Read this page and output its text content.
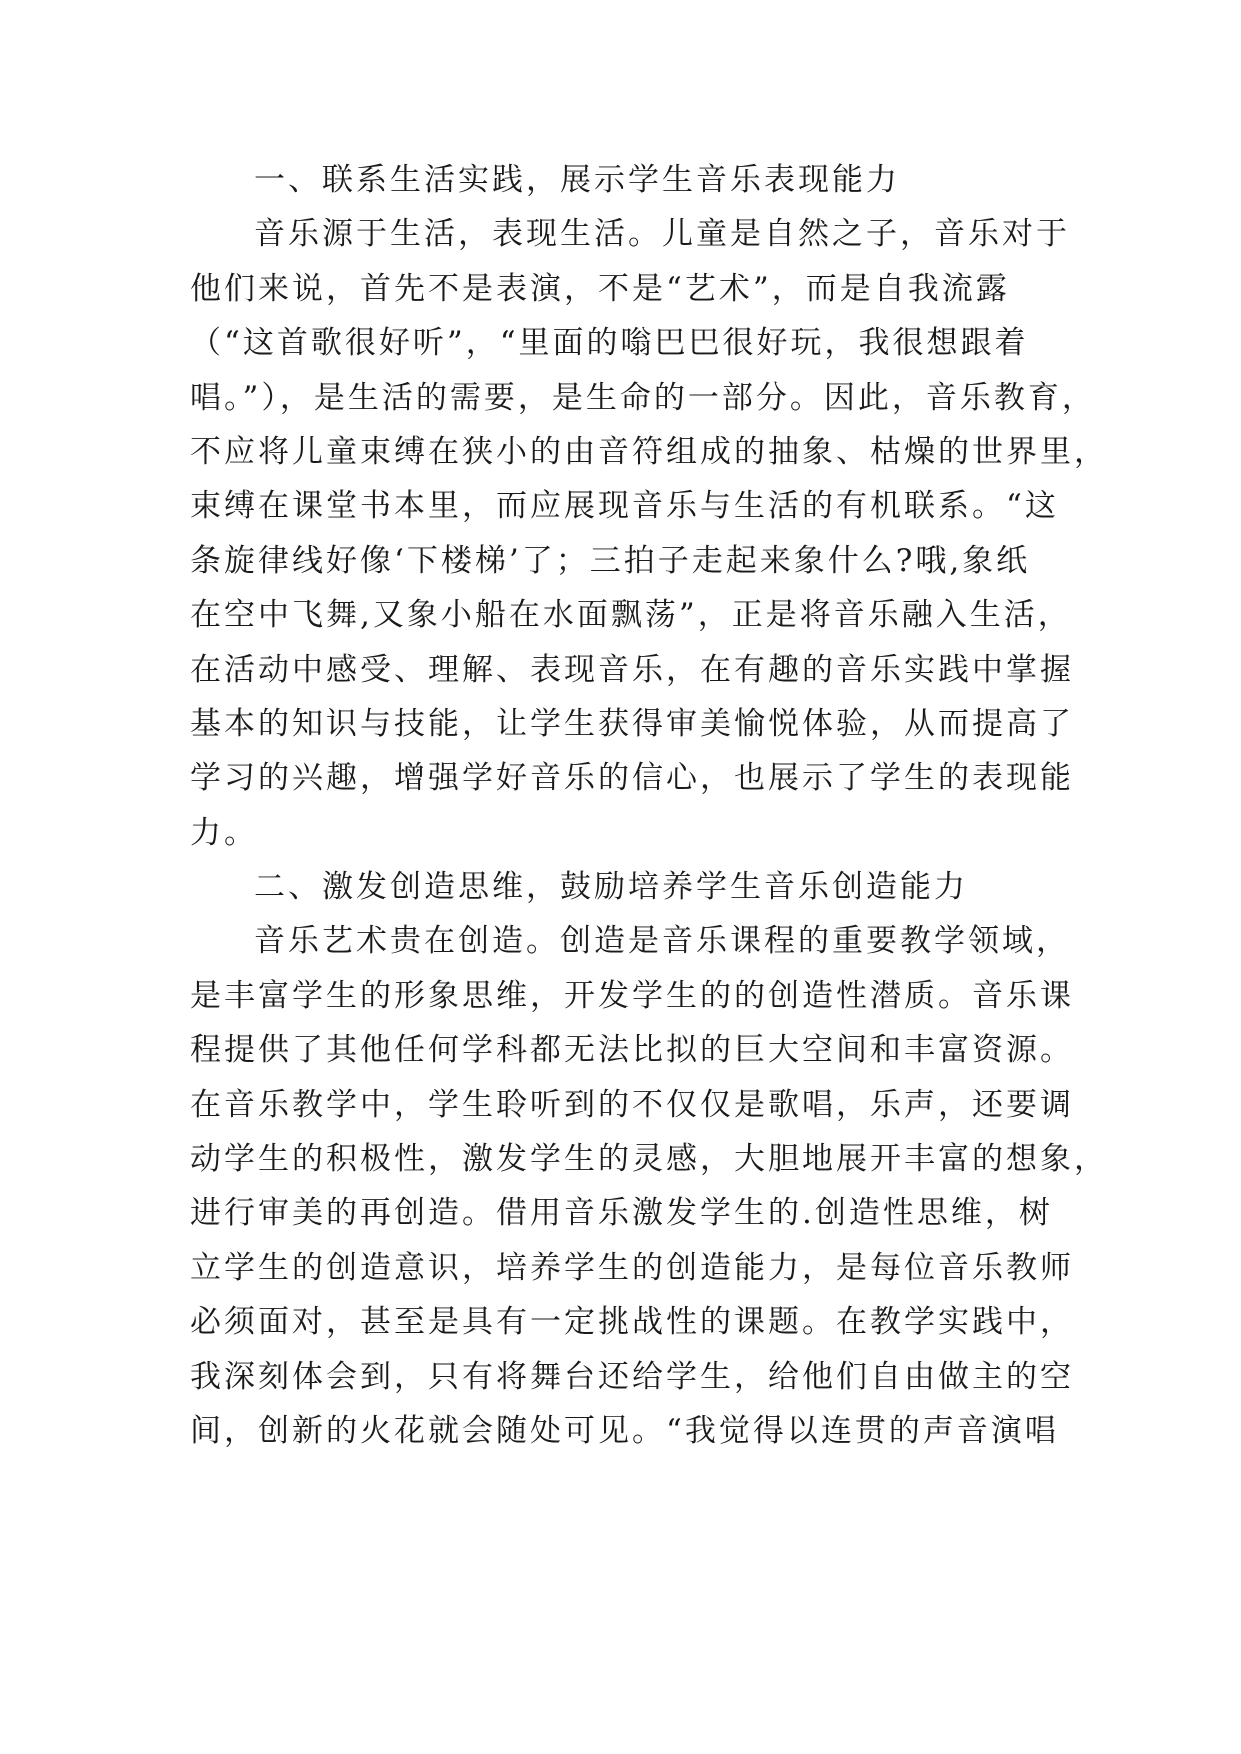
一、联系生活实践，展示学生音乐表现能力
音乐源于生活，表现生活。儿童是自然之子，音乐对于
他们来说，首先不是表演，不是“艺术”，而是自我流露
（“这首歌很好听”，“里面的嗡巴巴很好玩，我很想跟着
唱。”），是生活的需要，是生命的一部分。因此，音乐教育，
不应将儿童束缚在狭小的由音符组成的抽象、枯燥的世界里，
束缚在课堂书本里，而应展现音乐与生活的有机联系。“这
条旋律线好像‘下楼梯’了；三拍子走起来象什么?哦,象纸
在空中飞舞,又象小船在水面飘荡”，正是将音乐融入生活，
在活动中感受、理解、表现音乐，在有趣的音乐实践中掌握
基本的知识与技能，让学生获得审美愉悦体验，从而提高了
学习的兴趣，增强学好音乐的信心，也展示了学生的表现能
力。
二、激发创造思维，鼓励培养学生音乐创造能力
音乐艺术贵在创造。创造是音乐课程的重要教学领域，
是丰富学生的形象思维，开发学生的的创造性潜质。音乐课
程提供了其他任何学科都无法比拟的巨大空间和丰富资源。
在音乐教学中，学生聆听到的不仅仅是歌唱，乐声，还要调
动学生的积极性，激发学生的灵感，大胆地展开丰富的想象，
进行审美的再创造。借用音乐激发学生的.创造性思维，树
立学生的创造意识，培养学生的创造能力，是每位音乐教师
必须面对，甚至是具有一定挑战性的课题。在教学实践中，
我深刻体会到，只有将舞台还给学生，给他们自由做主的空
间，创新的火花就会随处可见。“我觉得以连贯的声音演唱
